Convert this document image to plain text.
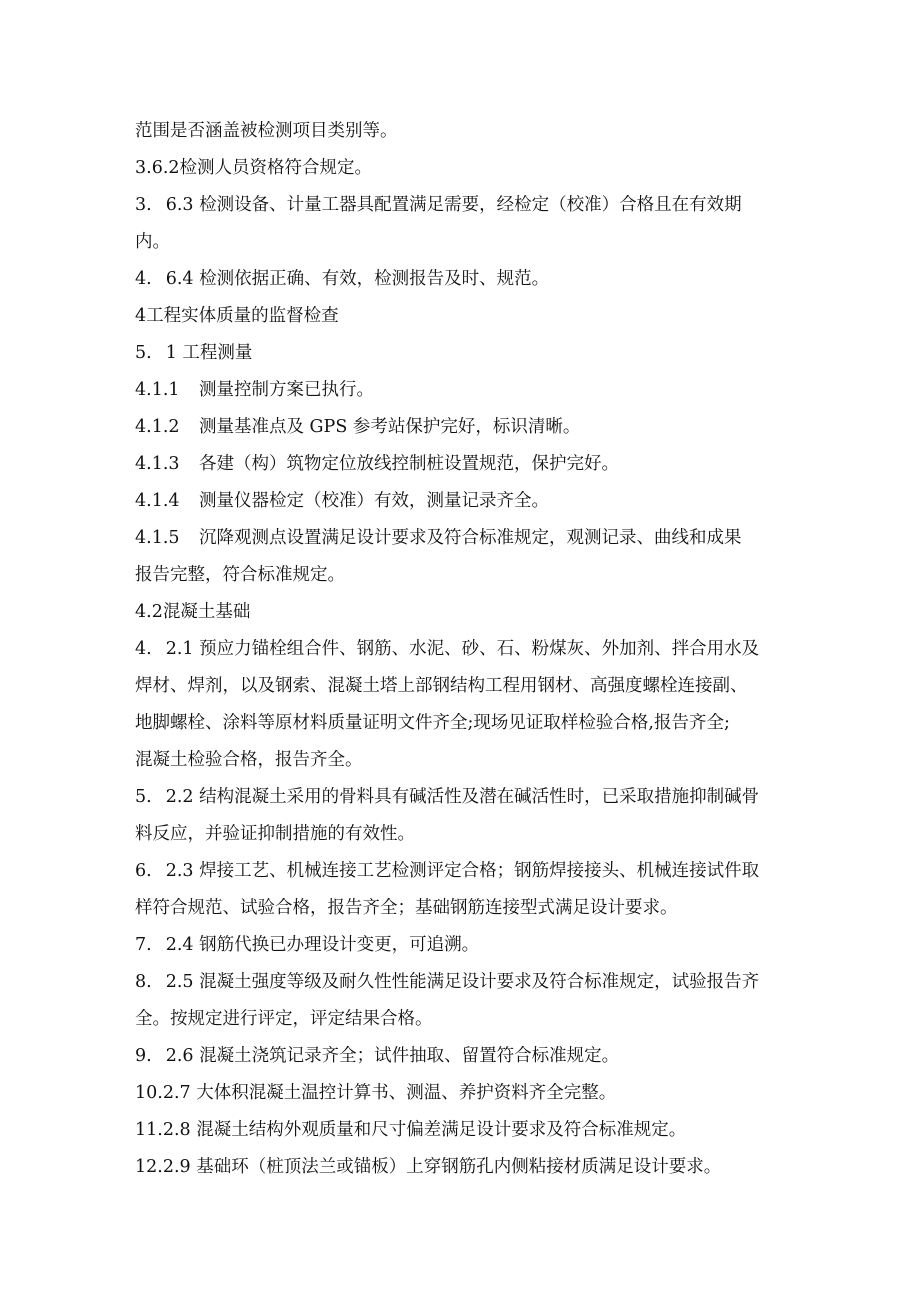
范围是否涵盖被检测项目类别等。
3.6.2检测人员资格符合规定。
3. 6.3 检测设备、计量工器具配置满足需要，经检定（校准）合格且在有效期
内。
4. 6.4 检测依据正确、有效，检测报告及时、规范。
4工程实体质量的监督检查
5. 1 工程测量
4.1.1 测量控制方案已执行。
4.1.2 测量基准点及 GPS 参考站保护完好，标识清晰。
4.1.3 各建（构）筑物定位放线控制桩设置规范，保护完好。
4.1.4 测量仪器检定（校准）有效，测量记录齐全。
4.1.5 沉降观测点设置满足设计要求及符合标准规定，观测记录、曲线和成果
报告完整，符合标准规定。
4.2混凝土基础
4. 2.1 预应力锚栓组合件、钢筋、水泥、砂、石、粉煤灰、外加剂、拌合用水及
焊材、焊剂，以及钢索、混凝土塔上部钢结构工程用钢材、高强度螺栓连接副、
地脚螺栓、涂料等原材料质量证明文件齐全;现场见证取样检验合格,报告齐全;
混凝土检验合格，报告齐全。
5. 2.2 结构混凝土采用的骨料具有碱活性及潜在碱活性时，已采取措施抑制碱骨
料反应，并验证抑制措施的有效性。
6. 2.3 焊接工艺、机械连接工艺检测评定合格；钢筋焊接接头、机械连接试件取
样符合规范、试验合格，报告齐全；基础钢筋连接型式满足设计要求。
7. 2.4 钢筋代换已办理设计变更，可追溯。
8. 2.5 混凝土强度等级及耐久性性能满足设计要求及符合标准规定，试验报告齐
全。按规定进行评定，评定结果合格。
9. 2.6 混凝土浇筑记录齐全；试件抽取、留置符合标准规定。
10.2.7 大体积混凝土温控计算书、测温、养护资料齐全完整。
11.2.8 混凝土结构外观质量和尺寸偏差满足设计要求及符合标准规定。
12.2.9 基础环（桩顶法兰或锚板）上穿钢筋孔内侧粘接材质满足设计要求。
